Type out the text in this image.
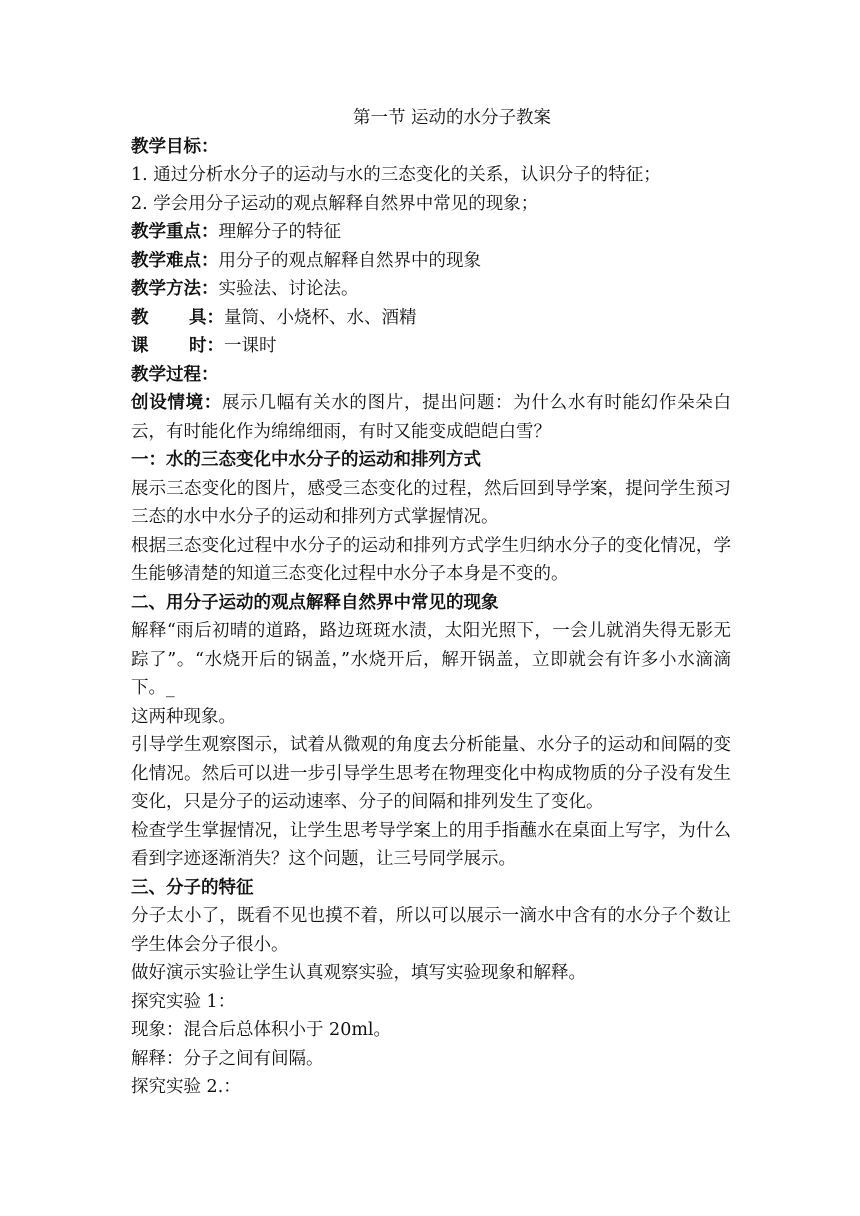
第一节 运动的水分子教案
教学目标：
1. 通过分析水分子的运动与水的三态变化的关系，认识分子的特征；
2. 学会用分子运动的观点解释自然界中常见的现象；
教学重点：理解分子的特征
教学难点：用分子的观点解释自然界中的现象
教学方法：实验法、讨论法。
教 具：量筒、小烧杯、水、酒精
课 时：一课时
教学过程：
创设情境：展示几幅有关水的图片，提出问题：为什么水有时能幻作朵朵白云，有时能化作为绵绵细雨，有时又能变成皑皑白雪？
一：水的三态变化中水分子的运动和排列方式
展示三态变化的图片，感受三态变化的过程，然后回到导学案，提问学生预习三态的水中水分子的运动和排列方式掌握情况。
根据三态变化过程中水分子的运动和排列方式学生归纳水分子的变化情况，学生能够清楚的知道三态变化过程中水分子本身是不变的。
二、用分子运动的观点解释自然界中常见的现象
解释“雨后初晴的道路，路边斑斑水渍，太阳光照下，一会儿就消失得无影无踪了”。“水烧开后的锅盖，”水烧开后，解开锅盖，立即就会有许多小水滴滴下。_
这两种现象。
引导学生观察图示，试着从微观的角度去分析能量、水分子的运动和间隔的变化情况。然后可以进一步引导学生思考在物理变化中构成物质的分子没有发生变化，只是分子的运动速率、分子的间隔和排列发生了变化。
检查学生掌握情况，让学生思考导学案上的用手指蘸水在桌面上写字，为什么看到字迹逐渐消失？这个问题，让三号同学展示。
三、分子的特征
分子太小了，既看不见也摸不着，所以可以展示一滴水中含有的水分子个数让学生体会分子很小。
做好演示实验让学生认真观察实验，填写实验现象和解释。
探究实验 1：
现象：混合后总体积小于 20ml。
解释：分子之间有间隔。
探究实验 2.：
